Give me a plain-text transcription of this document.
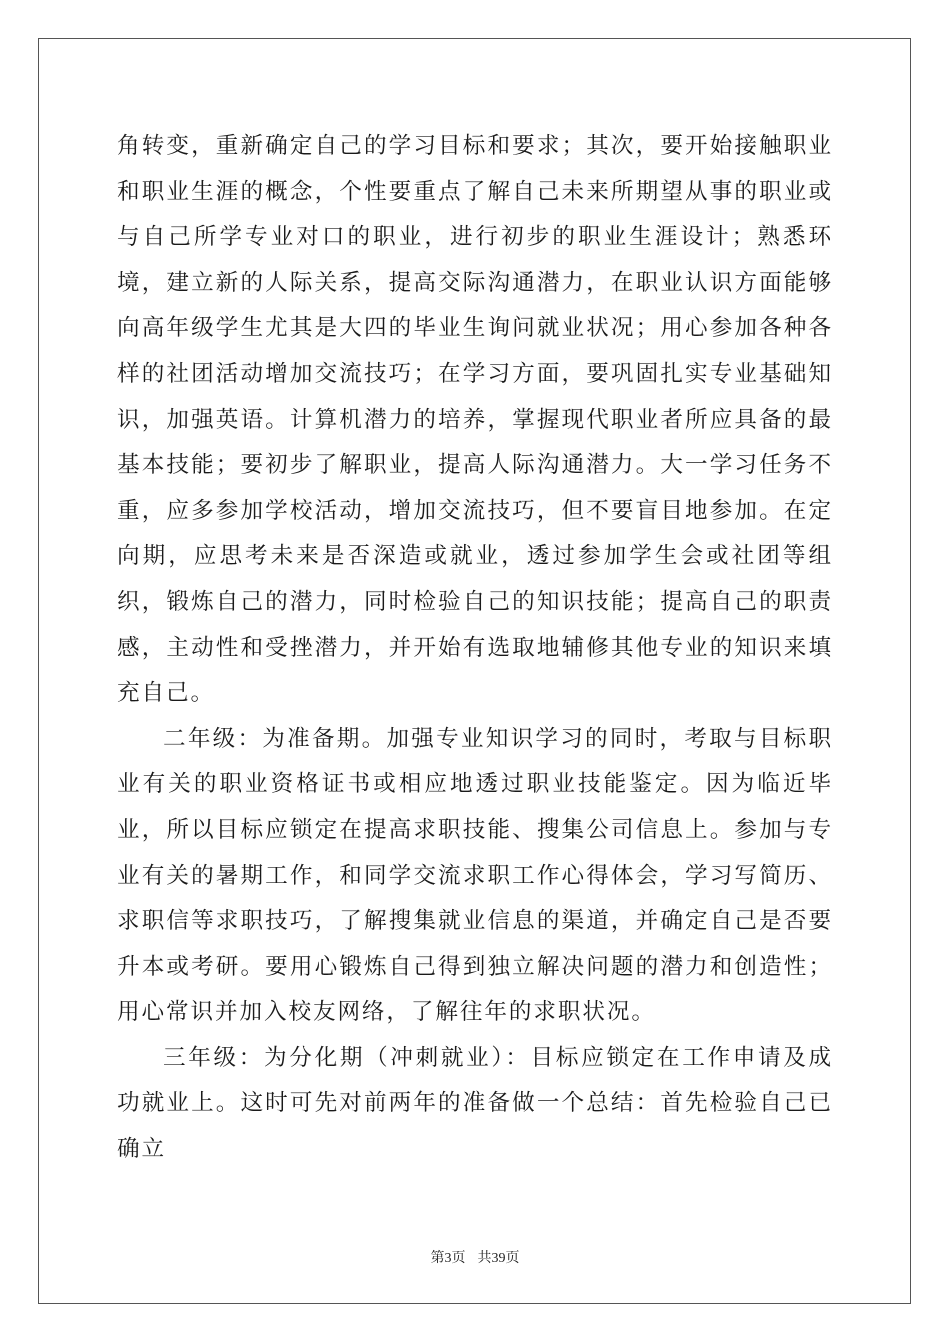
角转变，重新确定自己的学习目标和要求；其次，要开始接触职业和职业生涯的概念，个性要重点了解自己未来所期望从事的职业或与自己所学专业对口的职业，进行初步的职业生涯设计；熟悉环境，建立新的人际关系，提高交际沟通潜力，在职业认识方面能够向高年级学生尤其是大四的毕业生询问就业状况；用心参加各种各样的社团活动增加交流技巧；在学习方面，要巩固扎实专业基础知识，加强英语。计算机潜力的培养，掌握现代职业者所应具备的最基本技能；要初步了解职业，提高人际沟通潜力。大一学习任务不重，应多参加学校活动，增加交流技巧，但不要盲目地参加。在定向期，应思考未来是否深造或就业，透过参加学生会或社团等组织，锻炼自己的潜力，同时检验自己的知识技能；提高自己的职责感，主动性和受挫潜力，并开始有选取地辅修其他专业的知识来填充自己。

二年级：为准备期。加强专业知识学习的同时，考取与目标职业有关的职业资格证书或相应地透过职业技能鉴定。因为临近毕业，所以目标应锁定在提高求职技能、搜集公司信息上。参加与专业有关的暑期工作，和同学交流求职工作心得体会，学习写简历、求职信等求职技巧，了解搜集就业信息的渠道，并确定自己是否要升本或考研。要用心锻炼自己得到独立解决问题的潜力和创造性；用心常识并加入校友网络，了解往年的求职状况。

三年级：为分化期（冲刺就业）：目标应锁定在工作申请及成功就业上。这时可先对前两年的准备做一个总结：首先检验自己已确立

第3页 共39页
